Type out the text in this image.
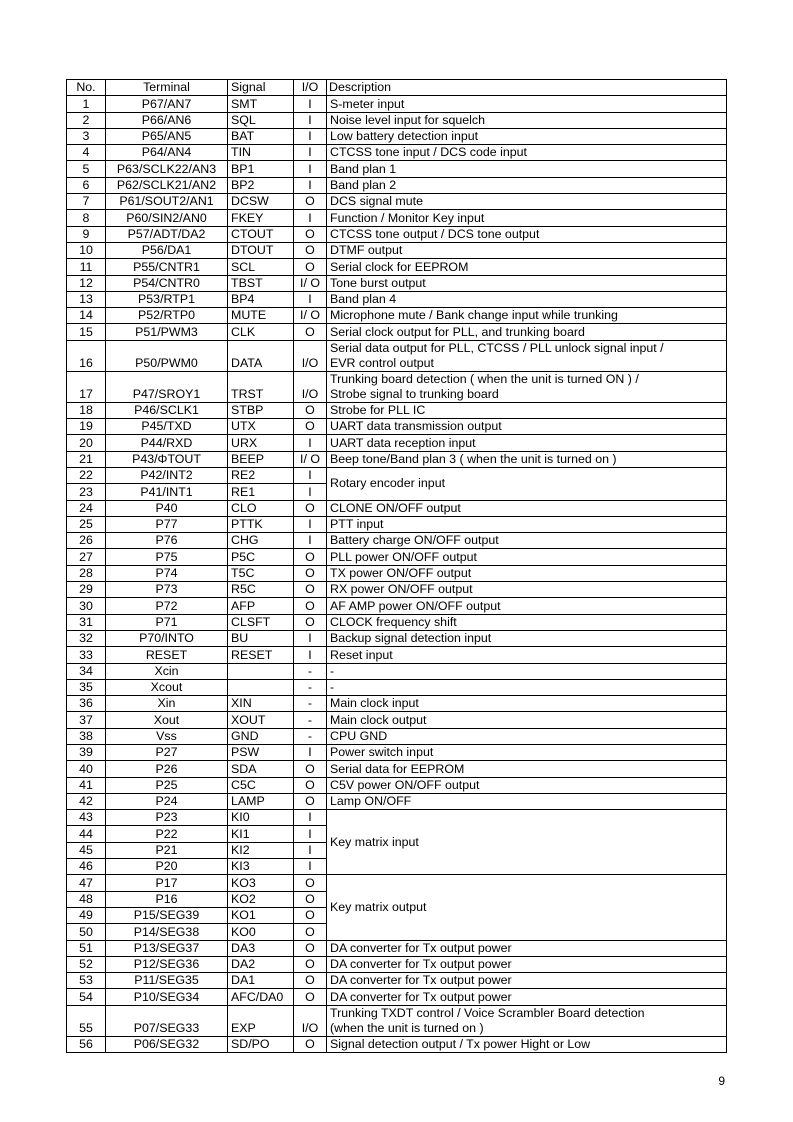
No.	Terminal	Signal	I/O	Description
1	P67/AN7	SMT	I	S-meter input

2	P66/AN6	SQL	I	Noise level input for squelch

3	P65/AN5	BAT	I	Low battery detection input

4	P64/AN4	TIN	I	CTCSS tone input / DCS code input

5	P63/SCLK22/AN3	BP1	I	Band plan 1

6	P62/SCLK21/AN2	BP2	I	Band plan 2

7	P61/SOUT2/AN1	DCSW	O	DCS signal mute

8	P60/SIN2/AN0	FKEY	I	Function / Monitor Key input

9	P57/ADT/DA2	CTOUT	O	CTCSS tone output / DCS tone output

10	P56/DA1	DTOUT	O	DTMF output

11	P55/CNTR1	SCL	O	Serial clock for EEPROM

12	P54/CNTR0	TBST	I/ O	Tone burst output

13	P53/RTP1	BP4	I	Band plan 4

14	P52/RTP0	MUTE	I/ O	Microphone mute / Bank change input while trunking

15	P51/PWM3	CLK	O	Serial clock output for PLL, and trunking board

16	P50/PWM0	DATA	I/O	Serial data output for PLL, CTCSS / PLL unlock signal input /
EVR control output

17	P47/SROY1	TRST	I/O	Trunking board detection ( when the unit is turned ON ) /
Strobe signal to trunking board

18	P46/SCLK1	STBP	O	Strobe for PLL IC

19	P45/TXD	UTX	O	UART data transmission output

20	P44/RXD	URX	I	UART data reception input

21	P43/ΦTOUT	BEEP	I/ O	Beep tone/Band plan 3 ( when the unit is turned on )

22	P42/INT2	RE2	I	Rotary encoder input

23	P41/INT1	RE1	I	
24	P40	CLO	O	CLONE ON/OFF output

25	P77	PTTK	I	PTT input

26	P76	CHG	I	Battery charge ON/OFF output

27	P75	P5C	O	PLL power ON/OFF output

28	P74	T5C	O	TX power ON/OFF output

29	P73	R5C	O	RX power ON/OFF output

30	P72	AFP	O	AF AMP power ON/OFF output

31	P71	CLSFT	O	CLOCK frequency shift

32	P70/INTO	BU	I	Backup signal detection input

33	RESET	RESET	I	Reset input

34	Xcin		-	-

35	Xcout		-	-

36	Xin	XIN	-	Main clock input

37	Xout	XOUT	-	Main clock output

38	Vss	GND	-	CPU GND

39	P27	PSW	I	Power switch input

40	P26	SDA	O	Serial data for EEPROM

41	P25	C5C	O	C5V power ON/OFF output

42	P24	LAMP	O	Lamp ON/OFF

43	P23	KI0	I	Key matrix input

44	P22	KI1	I	
45	P21	KI2	I	
46	P20	KI3	I	
47	P17	KO3	O	Key matrix output

48	P16	KO2	O	
49	P15/SEG39	KO1	O	
50	P14/SEG38	KO0	O	
51	P13/SEG37	DA3	O	DA converter for Tx output power

52	P12/SEG36	DA2	O	DA converter for Tx output power

53	P11/SEG35	DA1	O	DA converter for Tx output power

54	P10/SEG34	AFC/DA0	O	DA converter for Tx output power

55	P07/SEG33	EXP	I/O	Trunking TXDT control / Voice Scrambler Board detection
(when the unit is turned on )

56	P06/SEG32	SD/PO	O	Signal detection output / Tx power Hight or Low
9
